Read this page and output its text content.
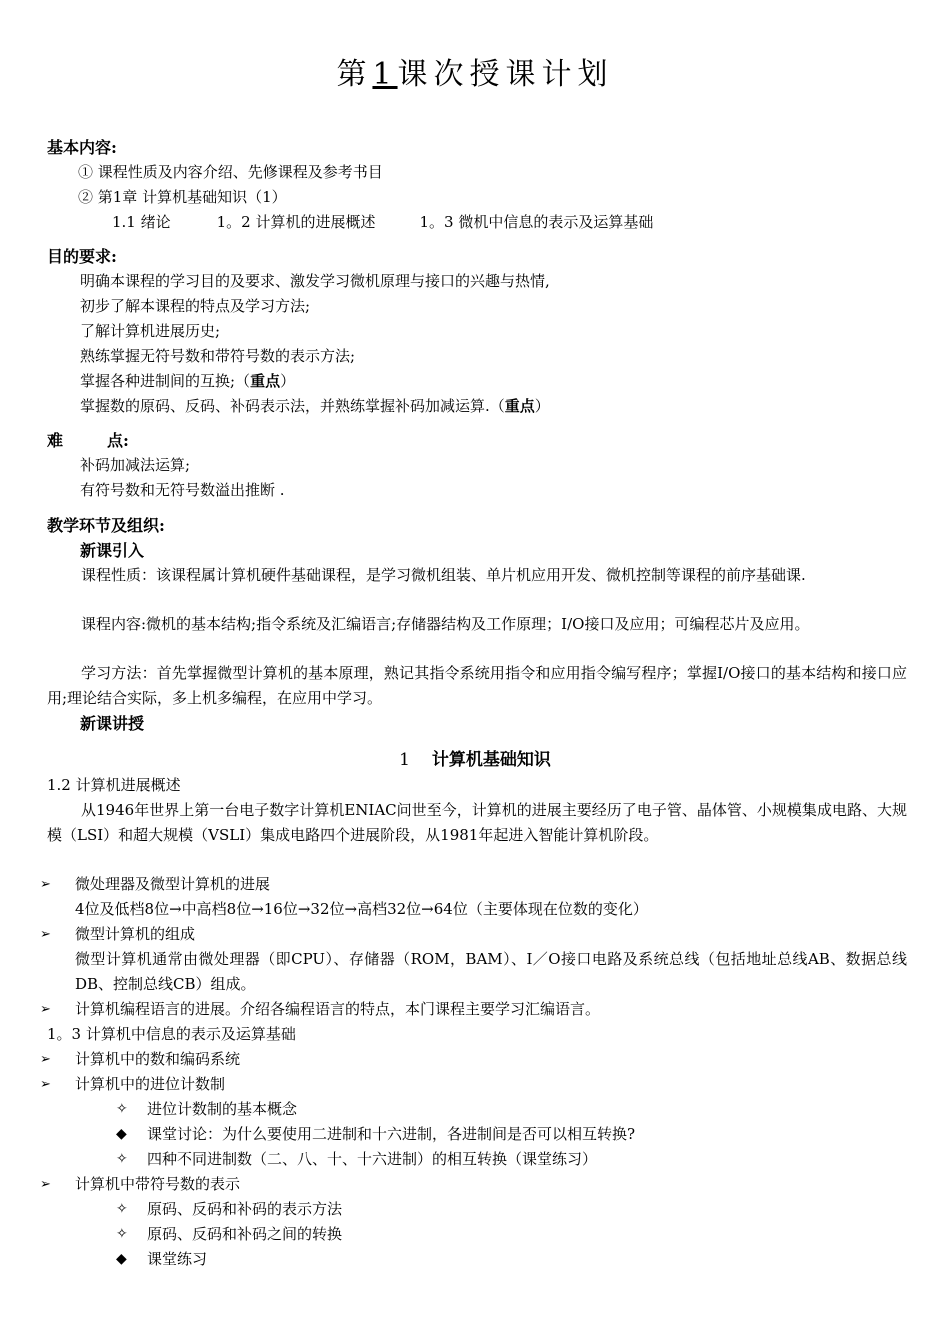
第1课次授课计划
基本内容:
① 课程性质及内容介绍、先修课程及参考书目
② 第1章 计算机基础知识（1）
1.1 绪论	1。2 计算机的进展概述	1。3 微机中信息的表示及运算基础
目的要求:
明确本课程的学习目的及要求、激发学习微机原理与接口的兴趣与热情,
初步了解本课程的特点及学习方法;
了解计算机进展历史;
熟练掌握无符号数和带符号数的表示方法;
掌握各种进制间的互换;（重点）
掌握数的原码、反码、补码表示法，并熟练掌握补码加减运算.（重点）
难	点:
补码加减法运算;
有符号数和无符号数溢出推断 .
教学环节及组织:
新课引入
课程性质：该课程属计算机硬件基础课程，是学习微机组装、单片机应用开发、微机控制等课程的前序基础课.
课程内容:微机的基本结构;指令系统及汇编语言;存储器结构及工作原理；I/O接口及应用；可编程芯片及应用。
学习方法：首先掌握微型计算机的基本原理，熟记其指令系统用指令和应用指令编写程序；掌握I/O接口的基本结构和接口应用;理论结合实际，多上机多编程，在应用中学习。
新课讲授
1 计算机基础知识
1.2 计算机进展概述
从1946年世界上第一台电子数字计算机ENIAC问世至今，计算机的进展主要经历了电子管、晶体管、小规模集成电路、大规模（LSI）和超大规模（VSLI）集成电路四个进展阶段，从1981年起进入智能计算机阶段。
➢	微处理器及微型计算机的进展
4位及低档8位→中高档8位→16位→32位→高档32位→64位（主要体现在位数的变化）
➢	微型计算机的组成
微型计算机通常由微处理器（即CPU）、存储器（ROM，BAM）、I／O接口电路及系统总线（包括地址总线AB、数据总线DB、控制总线CB）组成。
➢	计算机编程语言的进展。介绍各编程语言的特点，本门课程主要学习汇编语言。
1。3 计算机中信息的表示及运算基础
➢	计算机中的数和编码系统
➢	计算机中的进位计数制
✧	进位计数制的基本概念
◆	课堂讨论：为什么要使用二进制和十六进制，各进制间是否可以相互转换?
✧	四种不同进制数（二、八、十、十六进制）的相互转换（课堂练习）
➢	计算机中带符号数的表示
✧	原码、反码和补码的表示方法
✧	原码、反码和补码之间的转换
◆	课堂练习
